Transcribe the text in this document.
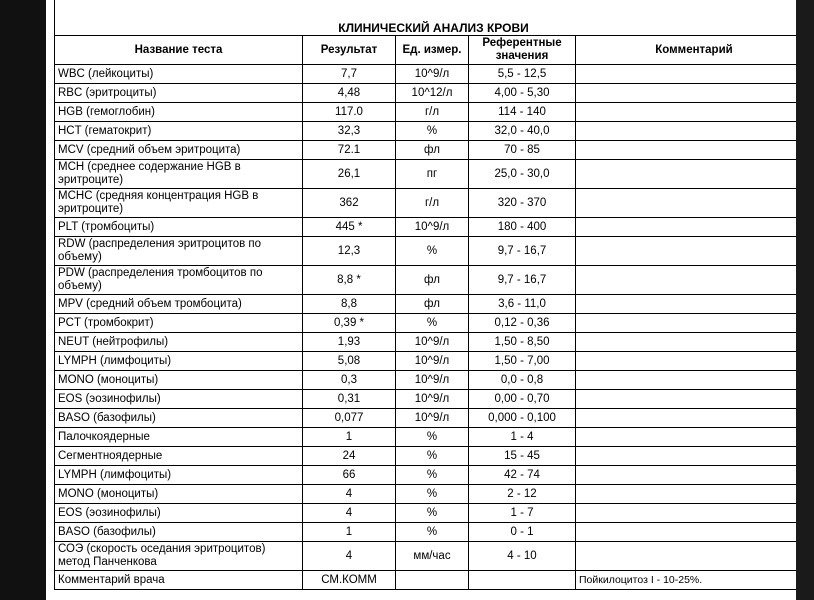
КЛИНИЧЕСКИЙ АНАЛИЗ КРОВИ				
Название теста	Результат	Ед. измер.	Референтные значения	Комментарий
WBC (лейкоциты)	7,7	10^9/л	5,5 - 12,5	
RBC (эритроциты)	4,48	10^12/л	4,00 - 5,30	
HGB (гемоглобин)	117.0	г/л	114 - 140	
HCT (гематокрит)	32,3	%	32,0 - 40,0	
MCV (средний объем эритроцита)	72.1	фл	70 - 85	
MCH (среднее содержание HGB в эритроците)	26,1	пг	25,0 - 30,0	
MCHC (средняя концентрация HGB в эритроците)	362	г/л	320 - 370	
PLT (тромбоциты)	445 *	10^9/л	180 - 400	
RDW (распределения эритроцитов по объему)	12,3	%	9,7 - 16,7	
PDW (распределения тромбоцитов по объему)	8,8 *	фл	9,7 - 16,7	
MPV (средний объем тромбоцита)	8,8	фл	3,6 - 11,0	
PCT (тромбокрит)	0,39 *	%	0,12 - 0,36	
NEUT (нейтрофилы)	1,93	10^9/л	1,50 - 8,50	
LYMPH (лимфоциты)	5,08	10^9/л	1,50 - 7,00	
MONO (моноциты)	0,3	10^9/л	0,0 - 0,8	
EOS (эозинофилы)	0,31	10^9/л	0,00 - 0,70	
BASO (базофилы)	0,077	10^9/л	0,000 - 0,100	
Палочкоядерные	1	%	1 - 4	
Сегментноядерные	24	%	15 - 45	
LYMPH (лимфоциты)	66	%	42 - 74	
MONO (моноциты)	4	%	2 - 12	
EOS (эозинофилы)	4	%	1 - 7	
BASO (базофилы)	1	%	0 - 1	
СОЭ (скорость оседания эритроцитов) метод Панченкова	4	мм/час	4 - 10	
Комментарий врача	СМ.КОММ			Пойкилоцитоз I - 10-25%.
